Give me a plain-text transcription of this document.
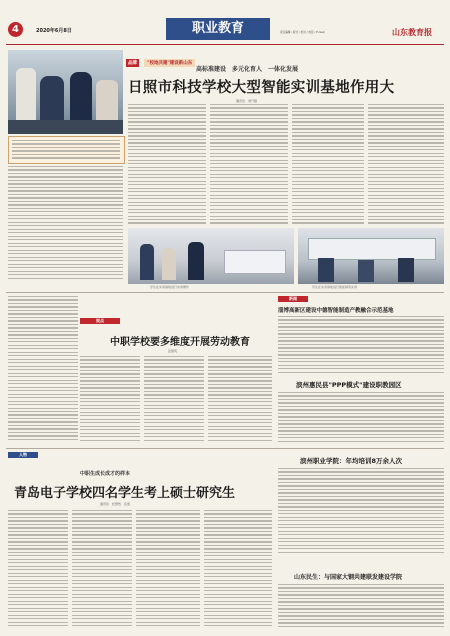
4	2020年6月8日	职业教育	责任编辑 / 版式 / 校对 / 电话 / E-mail	山东教育报
品牌 "校地共建"建设新山东
高标准建设　多元化育人　一体化发展
日照市科技学校大型智能实训基地作用大
通讯员　刘乃强
学生在实训基地进行实训操作	学生在实训基地进行智能制造实训
视点
中职学校要多维度开展劳动教育
张国英
新闻
淄博高新区建设中德智能制造产教融合示范基地
滨州惠民县"PPP模式"建设职教园区
人物
中职生成长成才的样本
青岛电子学校四名学生考上硕士研究生
通讯员　杜慧然　张雷
滨州职业学院：年均培训8万余人次
山东民生：与国家大钢共建联发建设学院
